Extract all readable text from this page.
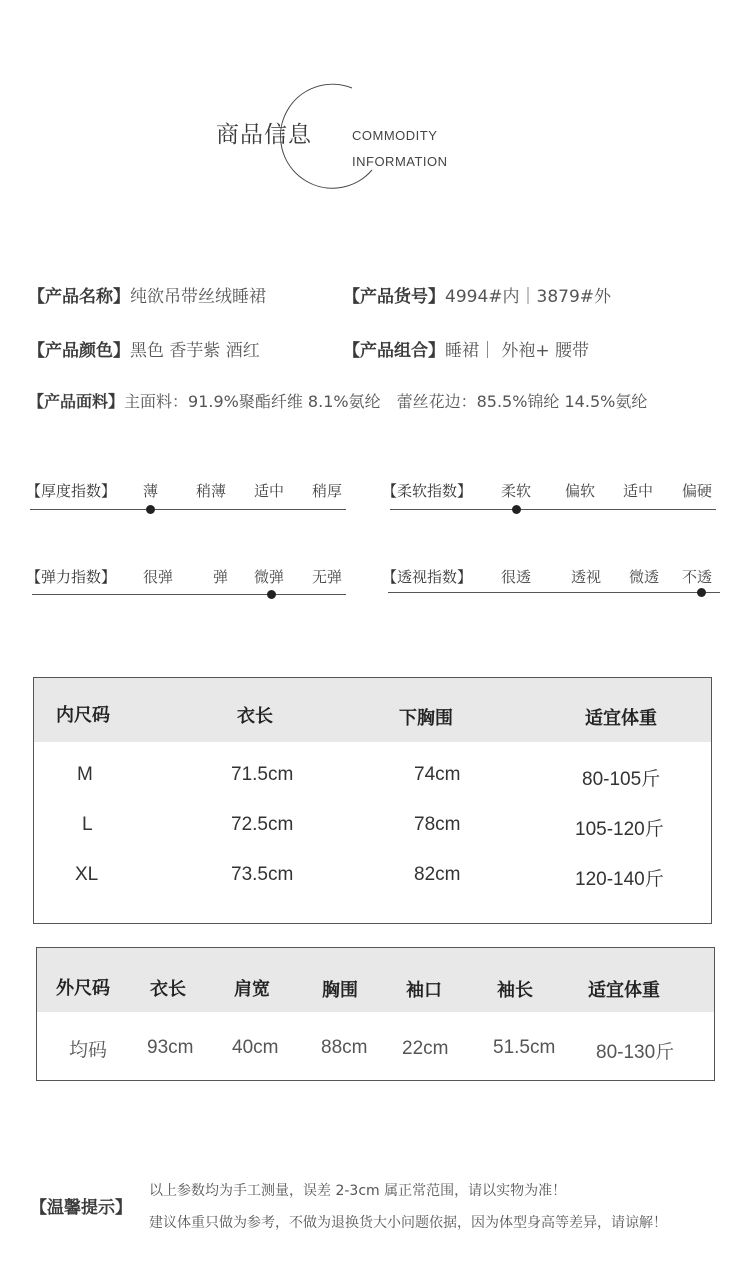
商品信息	COMMODITY
INFORMATION
【产品名称】纯欲吊带丝绒睡裙	【产品货号】4994#内｜3879#外
【产品颜色】黑色 香芋紫 酒红	【产品组合】睡裙｜ 外袍+ 腰带
【产品面料】主面料：91.9%聚酯纤维 8.1%氨纶　蕾丝花边：85.5%锦纶 14.5%氨纶
【厚度指数】 薄	稍薄 适中 稍厚	【柔软指数】 柔软 偏软 适中 偏硬
【弹力指数】 很弹	弹 微弹 无弹	【透视指数】 很透	透视 微透 不透
内尺码	衣长	下胸围	适宜体重
M	71.5cm	74cm	80-105斤
L	72.5cm	78cm	105-120斤
XL	73.5cm	82cm	120-140斤
外尺码 衣长	肩宽	胸围	袖口	袖长	适宜体重
均码 93cm 40cm 88cm 22cm 51.5cm 80-130斤
【温馨提示】
以上参数均为手工测量，误差 2-3cm 属正常范围，请以实物为准！
建议体重只做为参考，不做为退换货大小问题依据，因为体型身高等差异，请谅解！
